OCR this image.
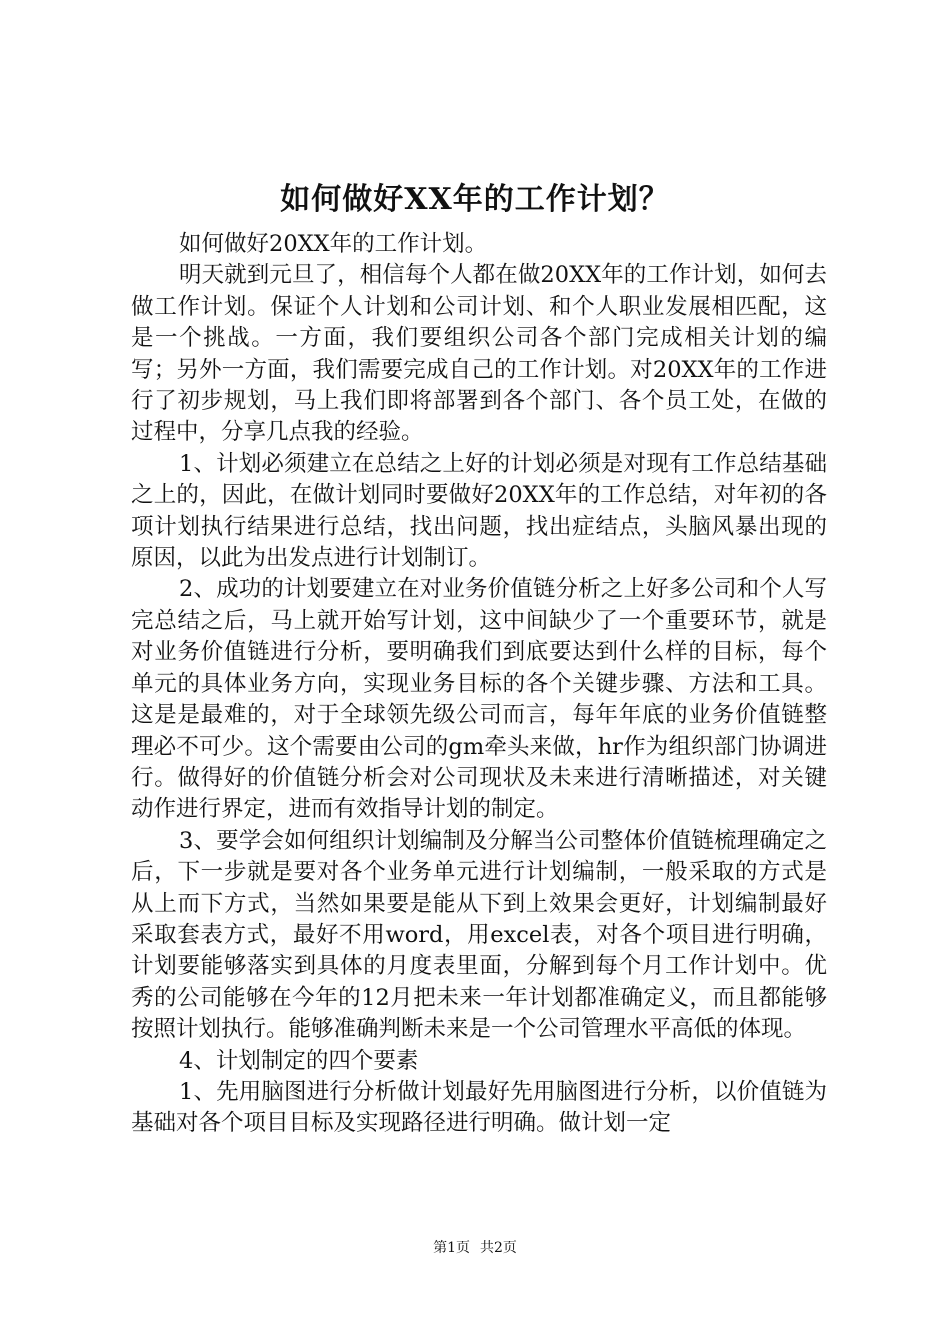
如何做好XX年的工作计划？

如何做好20XX年的工作计划。

明天就到元旦了，相信每个人都在做20XX年的工作计划，如何去做工作计划。保证个人计划和公司计划、和个人职业发展相匹配，这是一个挑战。一方面，我们要组织公司各个部门完成相关计划的编写；另外一方面，我们需要完成自己的工作计划。对20XX年的工作进行了初步规划，马上我们即将部署到各个部门、各个员工处，在做的过程中，分享几点我的经验。

1、计划必须建立在总结之上好的计划必须是对现有工作总结基础之上的，因此，在做计划同时要做好20XX年的工作总结，对年初的各项计划执行结果进行总结，找出问题，找出症结点，头脑风暴出现的原因，以此为出发点进行计划制订。

2、成功的计划要建立在对业务价值链分析之上好多公司和个人写完总结之后，马上就开始写计划，这中间缺少了一个重要环节，就是对业务价值链进行分析，要明确我们到底要达到什么样的目标，每个单元的具体业务方向，实现业务目标的各个关键步骤、方法和工具。这是是最难的，对于全球领先级公司而言，每年年底的业务价值链整理必不可少。这个需要由公司的gm牵头来做，hr作为组织部门协调进行。做得好的价值链分析会对公司现状及未来进行清晰描述，对关键动作进行界定，进而有效指导计划的制定。

3、要学会如何组织计划编制及分解当公司整体价值链梳理确定之后，下一步就是要对各个业务单元进行计划编制，一般采取的方式是从上而下方式，当然如果要是能从下到上效果会更好，计划编制最好采取套表方式，最好不用word，用excel表，对各个项目进行明确，计划要能够落实到具体的月度表里面，分解到每个月工作计划中。优秀的公司能够在今年的12月把未来一年计划都准确定义，而且都能够按照计划执行。能够准确判断未来是一个公司管理水平高低的体现。

4、计划制定的四个要素

1、先用脑图进行分析做计划最好先用脑图进行分析，以价值链为基础对各个项目目标及实现路径进行明确。做计划一定

第1页 共2页
